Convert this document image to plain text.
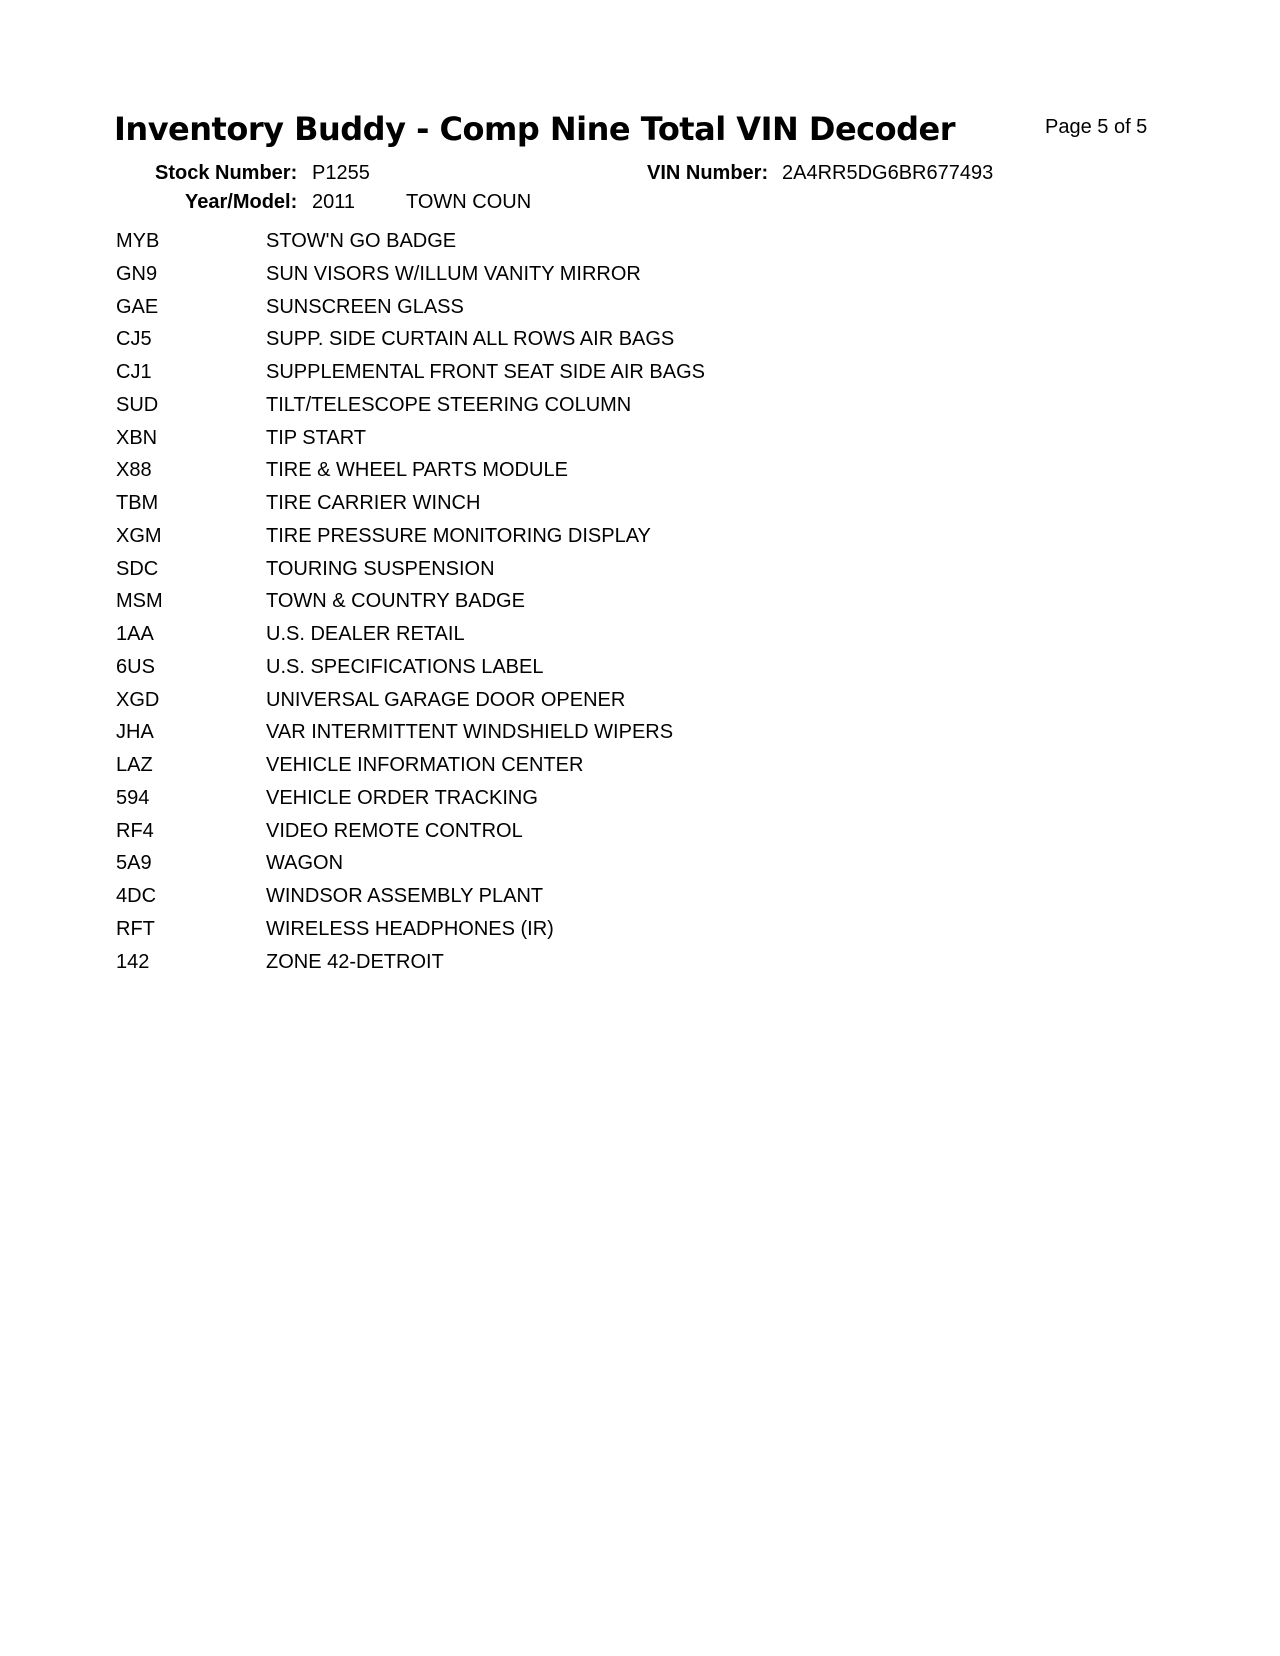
Inventory Buddy - Comp Nine Total VIN Decoder	Page 5 of 5
Stock Number: P1255	VIN Number: 2A4RR5DG6BR677493
Year/Model: 2011	TOWN COUN
MYB	STOW'N GO BADGE
GN9	SUN VISORS W/ILLUM VANITY MIRROR
GAE	SUNSCREEN GLASS
CJ5	SUPP. SIDE CURTAIN ALL ROWS AIR BAGS
CJ1	SUPPLEMENTAL FRONT SEAT SIDE AIR BAGS
SUD	TILT/TELESCOPE STEERING COLUMN
XBN	TIP START
X88	TIRE & WHEEL PARTS MODULE
TBM	TIRE CARRIER WINCH
XGM	TIRE PRESSURE MONITORING DISPLAY
SDC	TOURING SUSPENSION
MSM	TOWN & COUNTRY BADGE
1AA	U.S. DEALER RETAIL
6US	U.S. SPECIFICATIONS LABEL
XGD	UNIVERSAL GARAGE DOOR OPENER
JHA	VAR INTERMITTENT WINDSHIELD WIPERS
LAZ	VEHICLE INFORMATION CENTER
594	VEHICLE ORDER TRACKING
RF4	VIDEO REMOTE CONTROL
5A9	WAGON
4DC	WINDSOR ASSEMBLY PLANT
RFT	WIRELESS HEADPHONES (IR)
142	ZONE 42-DETROIT
